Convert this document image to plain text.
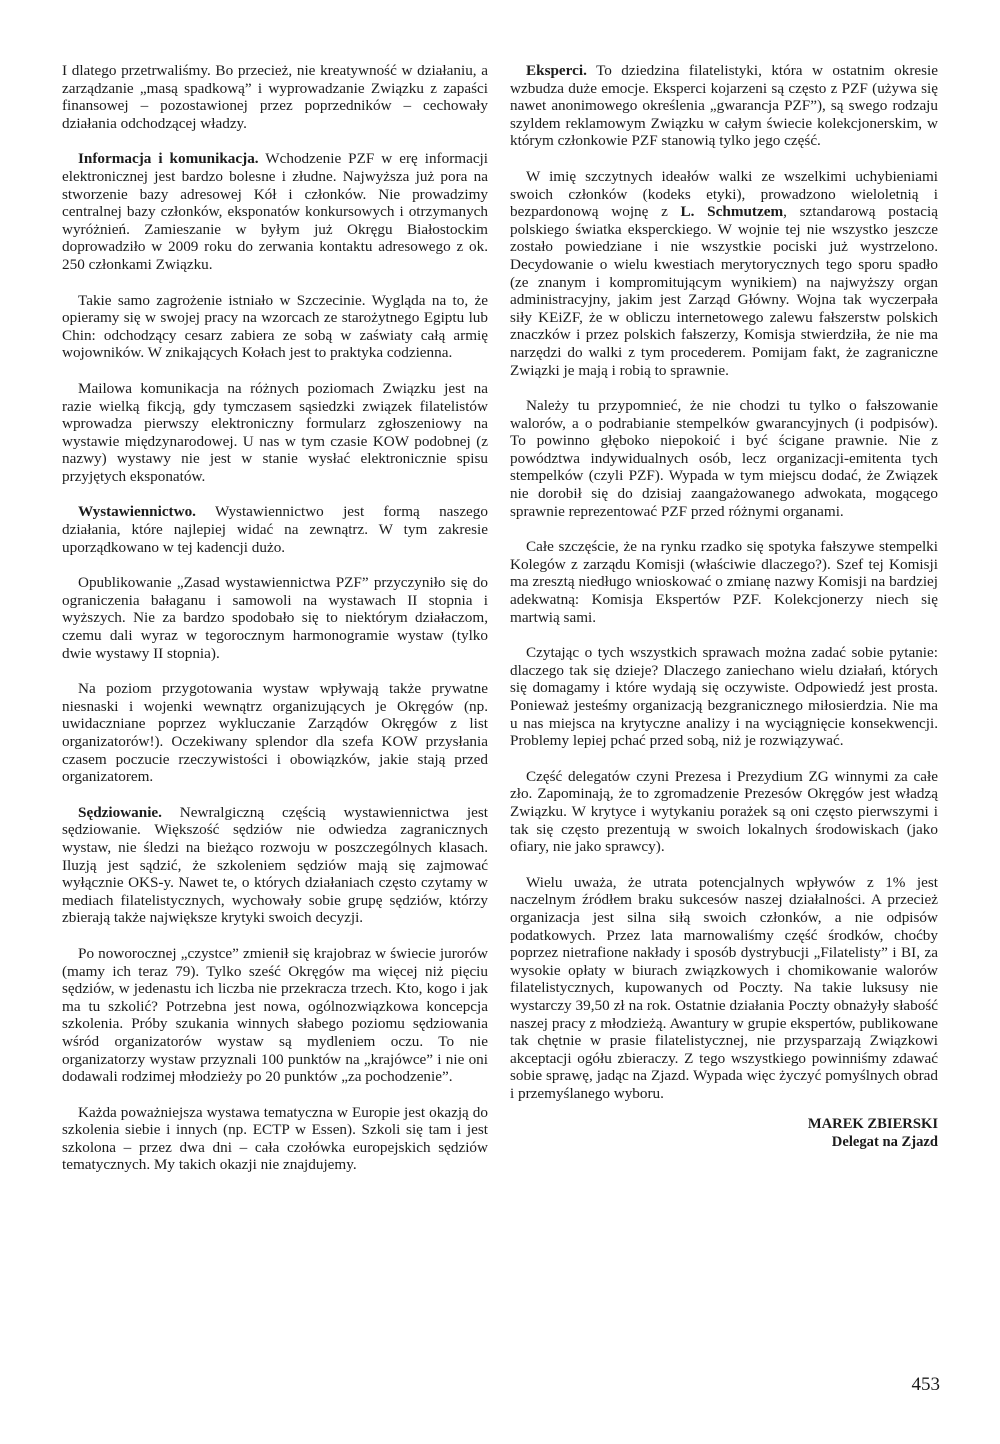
I dlatego przetrwaliśmy. Bo przecież, nie kreatywność w działaniu, a zarządzanie „masą spadkową” i wyprowadzanie Związku z zapaści finansowej – pozostawionej przez poprzedników – cechowały działania odchodzącej władzy.

Informacja i komunikacja. Wchodzenie PZF w erę informacji elektronicznej jest bardzo bolesne i złudne. Najwyższa już pora na stworzenie bazy adresowej Kół i członków. Nie prowadzimy centralnej bazy członków, eksponatów konkursowych i otrzymanych wyróżnień. Zamieszanie w byłym już Okręgu Białostockim doprowadziło w 2009 roku do zerwania kontaktu adresowego z ok. 250 członkami Związku.

Takie samo zagrożenie istniało w Szczecinie. Wygląda na to, że opieramy się w swojej pracy na wzorcach ze starożytnego Egiptu lub Chin: odchodzący cesarz zabiera ze sobą w zaświaty całą armię wojowników. W znikających Kołach jest to praktyka codzienna.

Mailowa komunikacja na różnych poziomach Związku jest na razie wielką fikcją, gdy tymczasem sąsiedzki związek filatelistów wprowadza pierwszy elektroniczny formularz zgłoszeniowy na wystawie międzynarodowej. U nas w tym czasie KOW podobnej (z nazwy) wystawy nie jest w stanie wysłać elektronicznie spisu przyjętych eksponatów.

Wystawiennictwo. Wystawiennictwo jest formą naszego działania, które najlepiej widać na zewnątrz. W tym zakresie uporządkowano w tej kadencji dużo.

Opublikowanie „Zasad wystawiennictwa PZF” przyczyniło się do ograniczenia bałaganu i samowoli na wystawach II stopnia i wyższych. Nie za bardzo spodobało się to niektórym działaczom, czemu dali wyraz w tegorocznym harmonogramie wystaw (tylko dwie wystawy II stopnia).

Na poziom przygotowania wystaw wpływają także prywatne niesnaski i wojenki wewnątrz organizujących je Okręgów (np. uwidaczniane poprzez wykluczanie Zarządów Okręgów z list organizatorów!). Oczekiwany splendor dla szefa KOW przysłania czasem poczucie rzeczywistości i obowiązków, jakie stają przed organizatorem.

Sędziowanie. Newralgiczną częścią wystawiennictwa jest sędziowanie. Większość sędziów nie odwiedza zagranicznych wystaw, nie śledzi na bieżąco rozwoju w poszczególnych klasach. Iluzją jest sądzić, że szkoleniem sędziów mają się zajmować wyłącznie OKS-y. Nawet te, o których działaniach często czytamy w mediach filatelistycznych, wychowały sobie grupę sędziów, którzy zbierają także największe krytyki swoich decyzji.

Po noworocznej „czystce” zmienił się krajobraz w świecie jurorów (mamy ich teraz 79). Tylko sześć Okręgów ma więcej niż pięciu sędziów, w jedenastu ich liczba nie przekracza trzech. Kto, kogo i jak ma tu szkolić? Potrzebna jest nowa, ogólnozwiązkowa koncepcja szkolenia. Próby szukania winnych słabego poziomu sędziowania wśród organizatorów wystaw są mydleniem oczu. To nie organizatorzy wystaw przyznali 100 punktów na „krajówce” i nie oni dodawali rodzimej młodzieży po 20 punktów „za pochodzenie”.

Każda poważniejsza wystawa tematyczna w Europie jest okazją do szkolenia siebie i innych (np. ECTP w Essen). Szkoli się tam i jest szkolona – przez dwa dni – cała czołówka europejskich sędziów tematycznych. My takich okazji nie znajdujemy.

Eksperci. To dziedzina filatelistyki, która w ostatnim okresie wzbudza duże emocje. Eksperci kojarzeni są często z PZF (używa się nawet anonimowego określenia „gwarancja PZF”), są swego rodzaju szyldem reklamowym Związku w całym świecie kolekcjonerskim, w którym członkowie PZF stanowią tylko jego część.

W imię szczytnych ideałów walki ze wszelkimi uchybieniami swoich członków (kodeks etyki), prowadzono wieloletnią i bezpardonową wojnę z L. Schmutzem, sztandarową postacią polskiego światka eksperckiego. W wojnie tej nie wszystko jeszcze zostało powiedziane i nie wszystkie pociski już wystrzelono. Decydowanie o wielu kwestiach merytorycznych tego sporu spadło (ze znanym i kompromitującym wynikiem) na najwyższy organ administracyjny, jakim jest Zarząd Główny. Wojna tak wyczerpała siły KEiZF, że w obliczu internetowego zalewu fałszerstw polskich znaczków i przez polskich fałszerzy, Komisja stwierdziła, że nie ma narzędzi do walki z tym procederem. Pomijam fakt, że zagraniczne Związki je mają i robią to sprawnie.

Należy tu przypomnieć, że nie chodzi tu tylko o fałszowanie walorów, a o podrabianie stempelków gwarancyjnych (i podpisów). To powinno głęboko niepokoić i być ścigane prawnie. Nie z powództwa indywidualnych osób, lecz organizacji-emitenta tych stempelków (czyli PZF). Wypada w tym miejscu dodać, że Związek nie dorobił się do dzisiaj zaangażowanego adwokata, mogącego sprawnie reprezentować PZF przed różnymi organami.

Całe szczęście, że na rynku rzadko się spotyka fałszywe stempelki Kolegów z zarządu Komisji (właściwie dlaczego?). Szef tej Komisji ma zresztą niedługo wnioskować o zmianę nazwy Komisji na bardziej adekwatną: Komisja Ekspertów PZF. Kolekcjonerzy niech się martwią sami.

Czytając o tych wszystkich sprawach można zadać sobie pytanie: dlaczego tak się dzieje? Dlaczego zaniechano wielu działań, których się domagamy i które wydają się oczywiste. Odpowiedź jest prosta. Ponieważ jesteśmy organizacją bezgranicznego miłosierdzia. Nie ma u nas miejsca na krytyczne analizy i na wyciągnięcie konsekwencji. Problemy lepiej pchać przed sobą, niż je rozwiązywać.

Część delegatów czyni Prezesa i Prezydium ZG winnymi za całe zło. Zapominają, że to zgromadzenie Prezesów Okręgów jest władzą Związku. W krytyce i wytykaniu porażek są oni często pierwszymi i tak się często prezentują w swoich lokalnych środowiskach (jako ofiary, nie jako sprawcy).

Wielu uważa, że utrata potencjalnych wpływów z 1% jest naczelnym źródłem braku sukcesów naszej działalności. A przecież organizacja jest silna siłą swoich członków, a nie odpisów podatkowych. Przez lata marnowaliśmy część środków, choćby poprzez nietrafione nakłady i sposób dystrybucji „Filatelisty” i BI, za wysokie opłaty w biurach związkowych i chomikowanie walorów filatelistycznych, kupowanych od Poczty. Na takie luksusy nie wystarczy 39,50 zł na rok. Ostatnie działania Poczty obnażyły słabość naszej pracy z młodzieżą. Awantury w grupie ekspertów, publikowane tak chętnie w prasie filatelistycznej, nie przysparzają Związkowi akceptacji ogółu zbieraczy. Z tego wszystkiego powinniśmy zdawać sobie sprawę, jadąc na Zjazd. Wypada więc życzyć pomyślnych obrad i przemyślanego wyboru.

MAREK ZBIERSKI
Delegat na Zjazd
453
